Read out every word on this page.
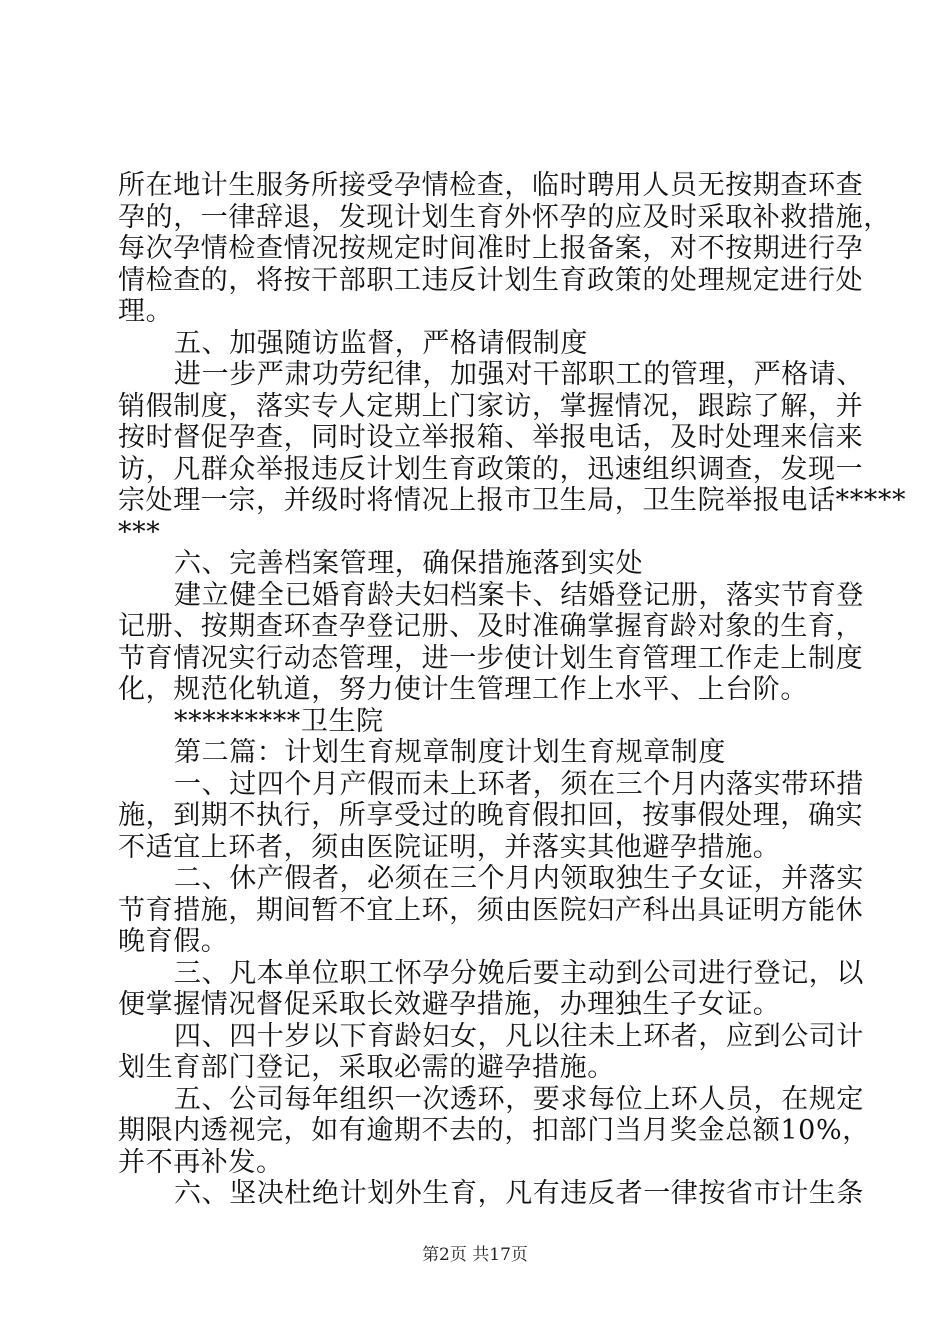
所在地计生服务所接受孕情检查，临时聘用人员无按期查环查
孕的，一律辞退，发现计划生育外怀孕的应及时采取补救措施，
每次孕情检查情况按规定时间准时上报备案，对不按期进行孕
情检查的，将按干部职工违反计划生育政策的处理规定进行处
理。
五、加强随访监督，严格请假制度
进一步严肃功劳纪律，加强对干部职工的管理，严格请、
销假制度，落实专人定期上门家访，掌握情况，跟踪了解，并
按时督促孕查，同时设立举报箱、举报电话，及时处理来信来
访，凡群众举报违反计划生育政策的，迅速组织调查，发现一
宗处理一宗，并级时将情况上报市卫生局，卫生院举报电话*****
***
六、完善档案管理，确保措施落到实处
建立健全已婚育龄夫妇档案卡、结婚登记册，落实节育登
记册、按期查环查孕登记册、及时准确掌握育龄对象的生育，
节育情况实行动态管理，进一步使计划生育管理工作走上制度
化，规范化轨道，努力使计生管理工作上水平、上台阶。
*********卫生院
第二篇：计划生育规章制度计划生育规章制度
一、过四个月产假而未上环者，须在三个月内落实带环措
施，到期不执行，所享受过的晚育假扣回，按事假处理，确实
不适宜上环者，须由医院证明，并落实其他避孕措施。
二、休产假者，必须在三个月内领取独生子女证，并落实
节育措施，期间暂不宜上环，须由医院妇产科出具证明方能休
晚育假。
三、凡本单位职工怀孕分娩后要主动到公司进行登记，以
便掌握情况督促采取长效避孕措施，办理独生子女证。
四、四十岁以下育龄妇女，凡以往未上环者，应到公司计
划生育部门登记，采取必需的避孕措施。
五、公司每年组织一次透环，要求每位上环人员，在规定
期限内透视完，如有逾期不去的，扣部门当月奖金总额10%，
并不再补发。
六、坚决杜绝计划外生育，凡有违反者一律按省市计生条
第2页 共17页
